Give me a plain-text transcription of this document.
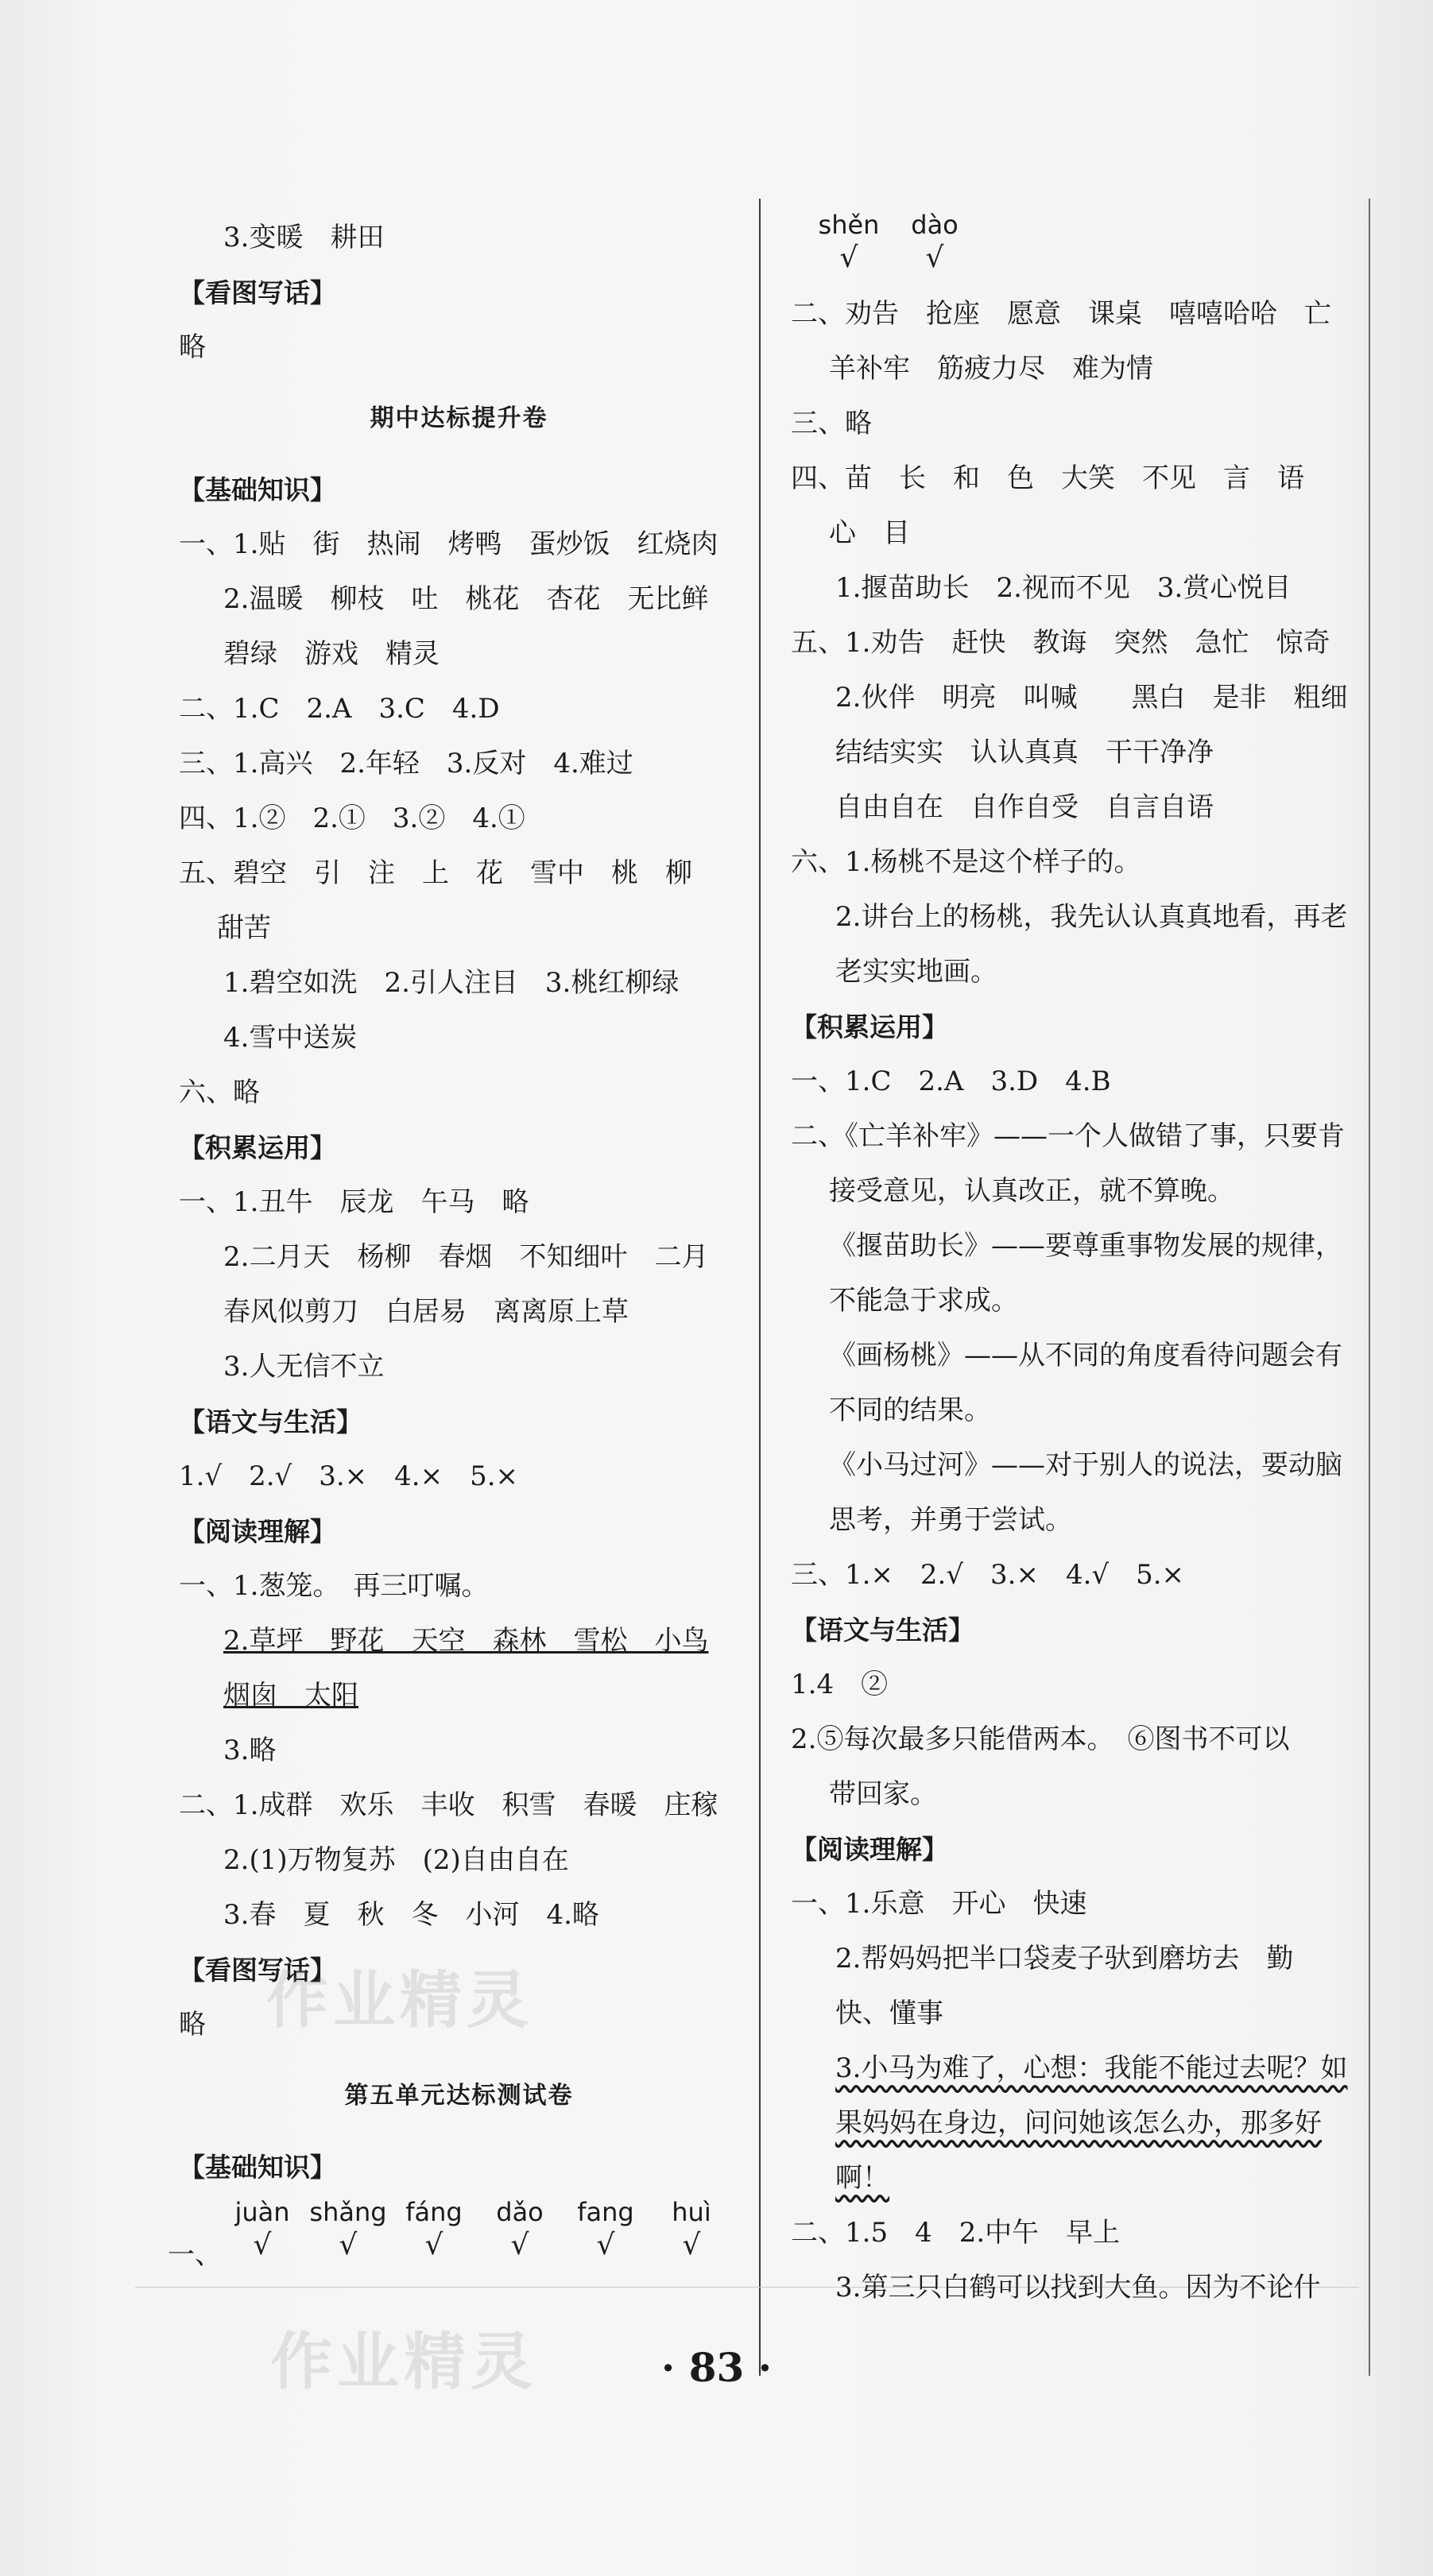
3.变暖　耕田
【看图写话】
略
期中达标提升卷
【基础知识】
一、1.贴　街　热闹　烤鸭　蛋炒饭　红烧肉
2.温暖　柳枝　吐　桃花　杏花　无比鲜
碧绿　游戏　精灵
二、1.C　2.A　3.C　4.D
三、1.高兴　2.年轻　3.反对　4.难过
四、1.②　2.①　3.②　4.①
五、碧空　引　注　上　花　雪中　桃　柳
甜苦
1.碧空如洗　2.引人注目　3.桃红柳绿
4.雪中送炭
六、略
【积累运用】
一、1.丑牛　辰龙　午马　略
2.二月天　杨柳　春烟　不知细叶　二月
春风似剪刀　白居易　离离原上草
3.人无信不立
【语文与生活】
1.√　2.√　3.×　4.×　5.×
【阅读理解】
一、1.葱笼。　再三叮嘱。
2.草坪　野花　天空　森林　雪松　小鸟
烟囱　太阳
3.略
二、1.成群　欢乐　丰收　积雪　春暖　庄稼
2.(1)万物复苏　(2)自由自在
3.春　夏　秋　冬　小河　4.略
【看图写话】
略
第五单元达标测试卷
【基础知识】
一、
juàn
√
shǎng
√
fáng
√
dǎo
√
fang
√
huì
√
shěn
√
dào
√
二、劝告　抢座　愿意　课桌　嘻嘻哈哈　亡
羊补牢　筋疲力尽　难为情
三、略
四、苗　长　和　色　大笑　不见　言　语
心　目
1.揠苗助长　2.视而不见　3.赏心悦目
五、1.劝告　赶快　教诲　突然　急忙　惊奇
2.伙伴　明亮　叫喊　　黑白　是非　粗细
结结实实　认认真真　干干净净
自由自在　自作自受　自言自语
六、1.杨桃不是这个样子的。
2.讲台上的杨桃，我先认认真真地看，再老
老实实地画。
【积累运用】
一、1.C　2.A　3.D　4.B
二、《亡羊补牢》——一个人做错了事，只要肯
接受意见，认真改正，就不算晚。
《揠苗助长》——要尊重事物发展的规律，
不能急于求成。
《画杨桃》——从不同的角度看待问题会有
不同的结果。
《小马过河》——对于别人的说法，要动脑
思考，并勇于尝试。
三、1.×　2.√　3.×　4.√　5.×
【语文与生活】
1.4　②
2.⑤每次最多只能借两本。　⑥图书不可以
带回家。
【阅读理解】
一、1.乐意　开心　快速
2.帮妈妈把半口袋麦子驮到磨坊去　勤
快、懂事
3.小马为难了，心想：我能不能过去呢？如
果妈妈在身边，问问她该怎么办，那多好
啊！
二、1.5　4　2.中午　早上
3.第三只白鹤可以找到大鱼。因为不论什
· 83 ·
作业精灵
作业精灵
